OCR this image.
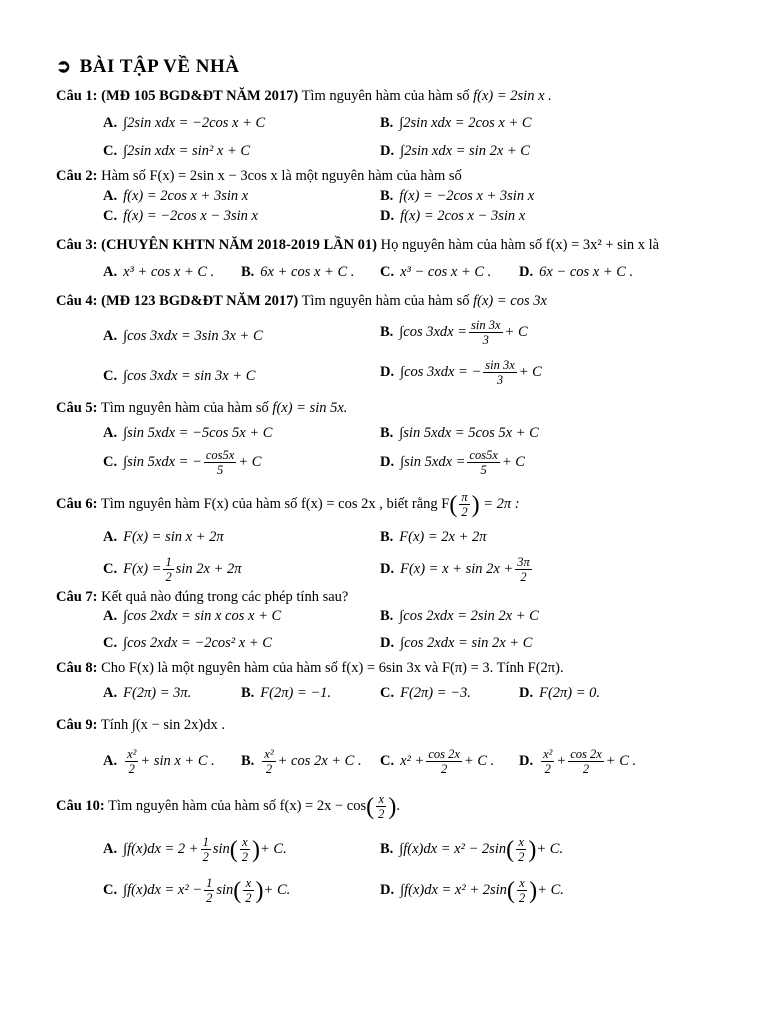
➲ BÀI TẬP VỀ NHÀ
Câu 1: (MĐ 105 BGD&ĐT NĂM 2017) Tìm nguyên hàm của hàm số f(x) = 2sin x .
A. ∫2sin xdx = −2cos x + C	B. ∫2sin xdx = 2cos x + C
C. ∫2sin xdx = sin² x + C	D. ∫2sin xdx = sin 2x + C
Câu 2: Hàm số F(x) = 2sin x − 3cos x là một nguyên hàm của hàm số
A. f(x) = 2cos x + 3sin x	B. f(x) = −2cos x + 3sin x
C. f(x) = −2cos x − 3sin x	D. f(x) = 2cos x − 3sin x
Câu 3: (CHUYÊN KHTN NĂM 2018-2019 LẦN 01) Họ nguyên hàm của hàm số f(x) = 3x² + sin x là
A. x³ + cos x + C . B. 6x + cos x + C . C. x³ − cos x + C . D. 6x − cos x + C .
Câu 4: (MĐ 123 BGD&ĐT NĂM 2017) Tìm nguyên hàm của hàm số f(x) = cos 3x
A. ∫cos 3xdx = 3sin 3x + C	B. ∫cos $3xdx = \frac{\sin 3x}{3} + C$
C. ∫cos 3xdx = sin 3x + C	D. ∫cos 3xdx = − $\frac{\sin 3x}{3} + C$
Câu 5: Tìm nguyên hàm của hàm số f(x) = sin 5x.
A. ∫sin 5xdx = −5cos 5x + C	B. ∫sin 5xdx = 5cos 5x + C
C. ∫sin 5xdx = − $\frac{\cos 5x}{5} + C$	D. ∫sin $5xdx = \frac{\cos 5x}{5} + C$
Câu 6: Tìm nguyên hàm F(x) của hàm số f(x) = cos 2x , biết rằng $F( \frac{\pi}{2}$ ) = 2π :
A. F(x) = sin x + 2π	B. F(x) = 2x + 2π
C. $F(x) = \frac{1}{2}$ sin 2x + 2π	D. $F(x) = x + \sin 2x + \frac{3\pi}{2}$
Câu 7: Kết quả nào đúng trong các phép tính sau?
A. ∫cos 2xdx = sin x cos x + C	B. ∫cos 2xdx = 2sin 2x + C
C. ∫cos 2xdx = −2cos² x + C	D. ∫cos 2xdx = sin 2x + C
Câu 8: Cho F(x) là một nguyên hàm của hàm số f(x) = 6sin 3x và F(π) = 3. Tính F(2π).
A. F(2π) = 3π.	B. F(2π) = −1.	C. F(2π) = −3.	D. F(2π) = 0.
Câu 9: Tính ∫(x − sin 2x)dx .
A. $\frac{\text{x²}}{2} + \sin x + C$ . B. $\frac{\text{x²}}{2} + \cos 2x + C$ . C. $x^2 + \frac{\cos 2x}{2} + C$ . D. $\frac{\text{x²}}{2} + \frac{\cos 2x}{2} + C$ .
Câu 10: Tìm nguyên hàm của hàm số $f(x) = 2x - \cos( \frac{x}{2}$ ).
A. $\int f(x)dx = 2 + \frac{1}{2} \sin( \frac{x}{2}$ )+ C.	B. $\int f(x)dx = x^2 - 2\sin( \frac{x}{2}$ )+ C.
C. $\int f(x)dx = x^2 - \frac{1}{2} \sin( \frac{x}{2}$ )+ C.	D. $\int f(x)dx = x^2 + 2\sin( \frac{x}{2}$ )+ C.
